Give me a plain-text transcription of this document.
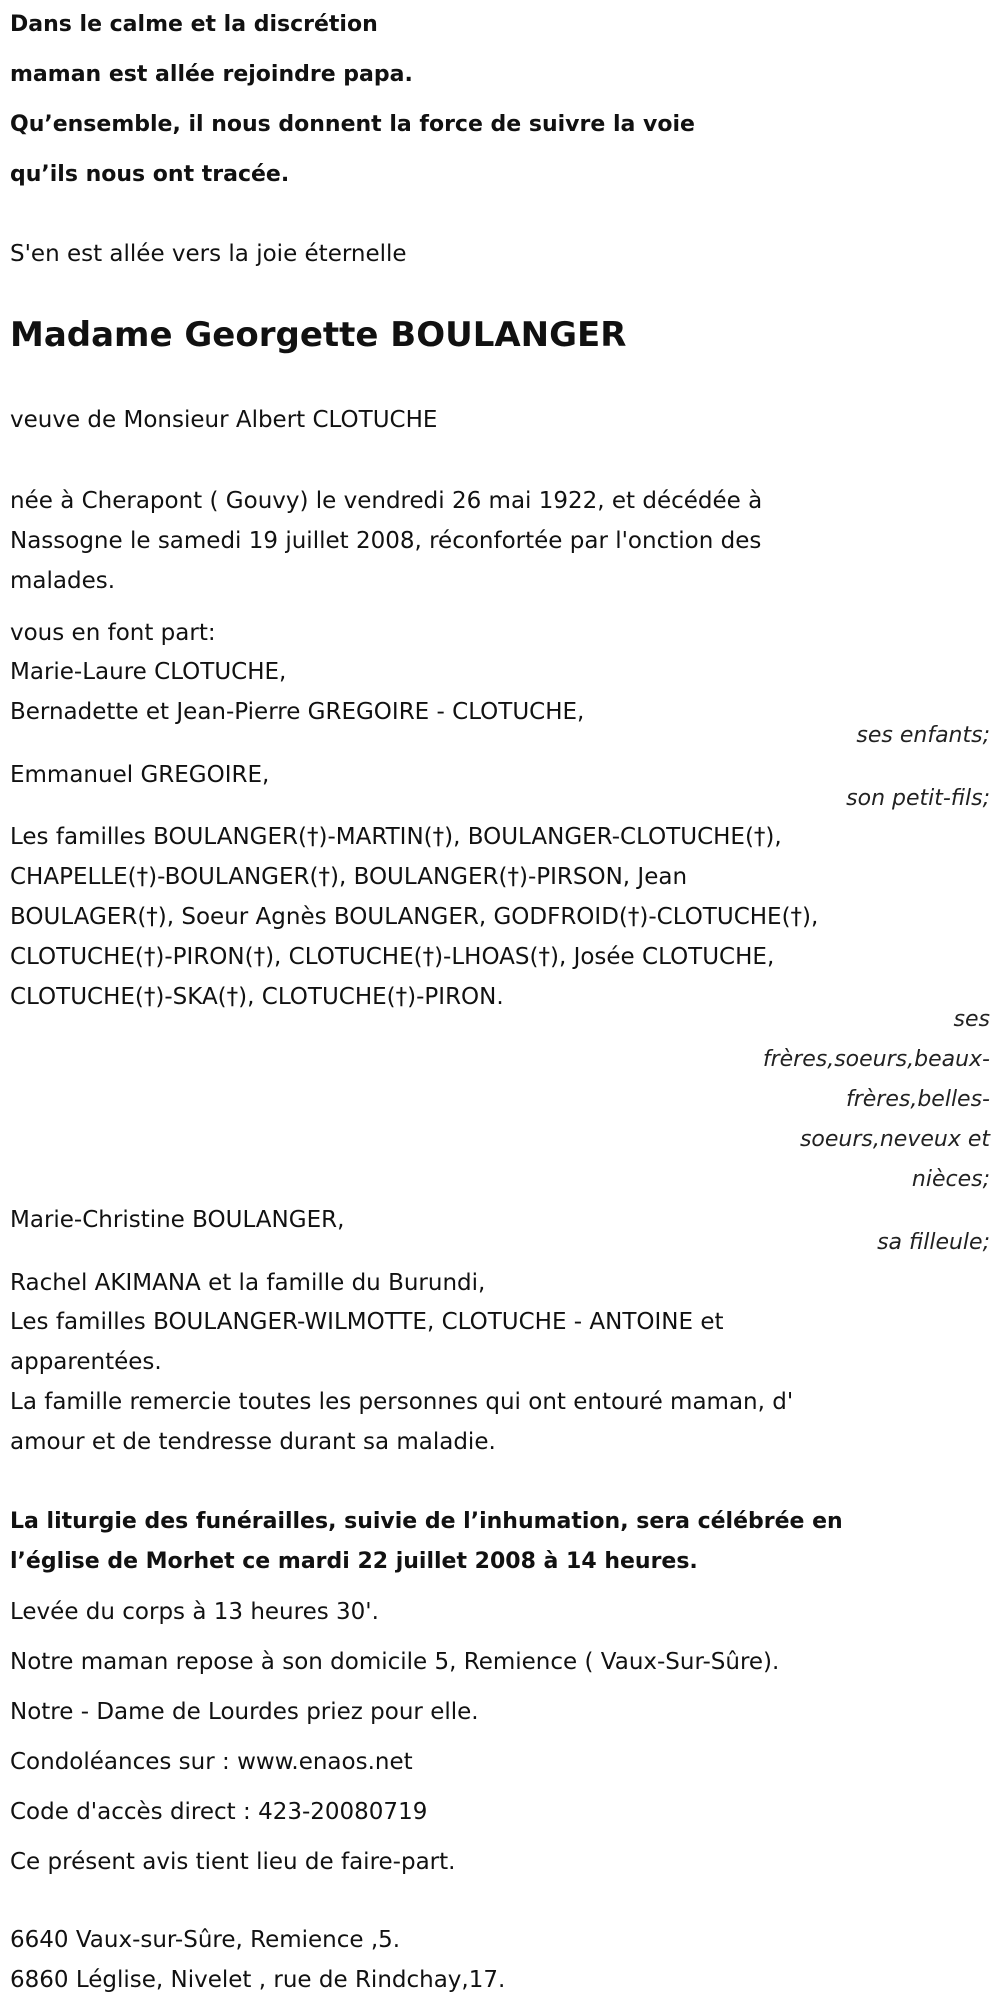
Dans le calme et la discrétion
maman est allée rejoindre papa.
Qu’ensemble, il nous donnent la force de suivre la voie
qu’ils nous ont tracée.
S'en est allée vers la joie éternelle
Madame Georgette BOULANGER
veuve de Monsieur Albert CLOTUCHE
née à Cherapont ( Gouvy) le vendredi 26 mai 1922, et décédée à
Nassogne le samedi 19 juillet 2008, réconfortée par l'onction des
malades.
vous en font part:
Marie-Laure CLOTUCHE,
Bernadette et Jean-Pierre GREGOIRE - CLOTUCHE,
ses enfants;
Emmanuel GREGOIRE,
son petit-fils;
Les familles BOULANGER(†)-MARTIN(†), BOULANGER-CLOTUCHE(†),
CHAPELLE(†)-BOULANGER(†), BOULANGER(†)-PIRSON, Jean
BOULAGER(†), Soeur Agnès BOULANGER, GODFROID(†)-CLOTUCHE(†),
CLOTUCHE(†)-PIRON(†), CLOTUCHE(†)-LHOAS(†), Josée CLOTUCHE,
CLOTUCHE(†)-SKA(†), CLOTUCHE(†)-PIRON.
ses
frères,soeurs,beaux-
frères,belles-
soeurs,neveux et
nièces;
Marie-Christine BOULANGER,
sa filleule;
Rachel AKIMANA et la famille du Burundi,
Les familles BOULANGER-WILMOTTE, CLOTUCHE - ANTOINE et
apparentées.
La famille remercie toutes les personnes qui ont entouré maman, d'
amour et de tendresse durant sa maladie.
La liturgie des funérailles, suivie de l’inhumation, sera célébrée en
l’église de Morhet ce mardi 22 juillet 2008 à 14 heures.
Levée du corps à 13 heures 30'.
Notre maman repose à son domicile 5, Remience ( Vaux-Sur-Sûre).
Notre - Dame de Lourdes priez pour elle.
Condoléances sur : www.enaos.net
Code d'accès direct : 423-20080719
Ce présent avis tient lieu de faire-part.
6640 Vaux-sur-Sûre, Remience ,5.
6860 Léglise, Nivelet , rue de Rindchay,17.
